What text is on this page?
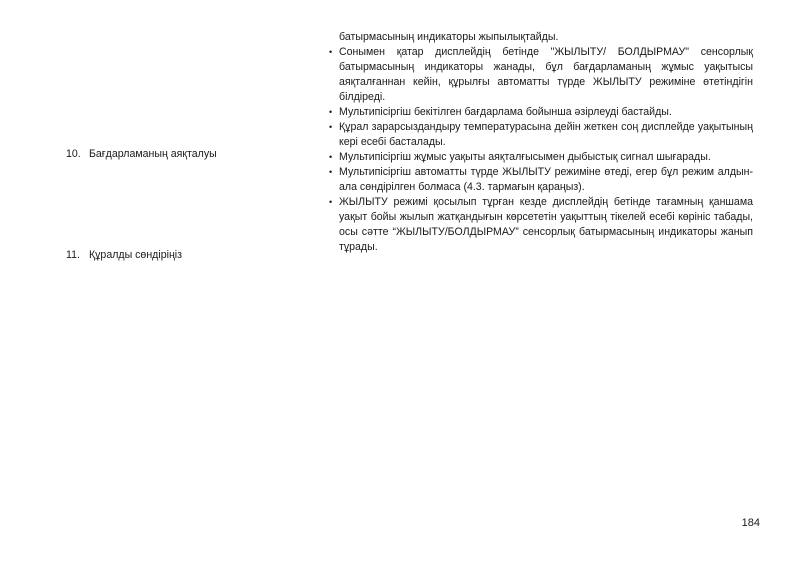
батырмасының индикаторы жыпылықтайды.

• Сонымен қатар дисплейдің бетінде "ЖЫЛЫТУ/ БОЛДЫРМАУ" сенсорлық батырмасының индикаторы жанады, бұл бағдарламаның жұмыс уақытысы аяқталғаннан кейін, құрылғы автоматты түрде ЖЫЛЫТУ режиміне өтетіндігін білдіреді.
• Мультипісіргіш бекітілген бағдарлама бойынша әзірлеуді бастайды.
• Құрал зарарсыздандыру температурасына дейін жеткен соң дисплейде уақытының кері есебі басталады.
• Мультипісіргіш жұмыс уақыты аяқталғысымен дыбыстық сигнал шығарады.
• Мультипісіргіш автоматты түрде ЖЫЛЫТУ режиміне өтеді, егер бұл режим алдын-ала сөндірілген болмаса (4.3. тармағын қараңыз).
• ЖЫЛЫТУ режимі қосылып тұрған кезде дисплейдің бетінде тағамның қаншама уақыт бойы жылып жатқандығын көрсететін уақыттың тікелей есебі көрініс табады, осы сәтте “ЖЫЛЫТУ/БОЛДЫРМАУ” сенсорлық батырмасының индикаторы жанып тұрады.

10. Бағдарламаның аяқталуы

11. Құралды сөндіріңіз

184
